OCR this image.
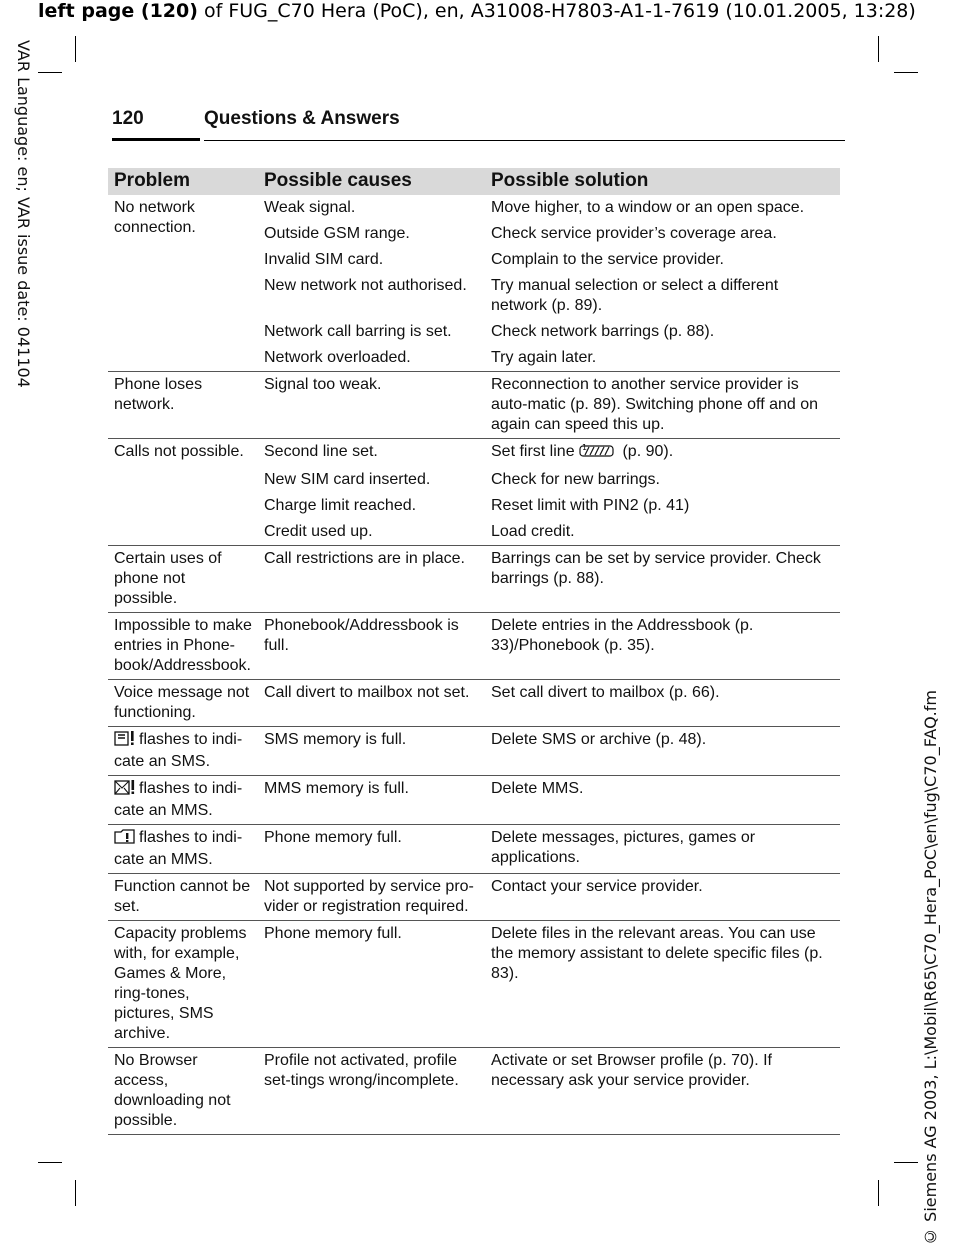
left page (120) of FUG_C70 Hera (PoC), en, A31008-H7803-A1-1-7619 (10.01.2005, 13:28)
VAR Language: en; VAR issue date: 041104
© Siemens AG 2003, L:\Mobil\R65\C70_Hera_PoC\en\fug\C70_FAQ.fm
120	Questions & Answers
Problem	Possible causes	Possible solution
No network connection.	Weak signal.	Move higher, to a window or an open space.
	Outside GSM range.	Check service provider’s coverage area.
	Invalid SIM card.	Complain to the service provider.
	New network not authorised.	Try manual selection or select a different network (p. 89).
	Network call barring is set.	Check network barrings (p. 88).
	Network overloaded.	Try again later.
Phone loses network.	Signal too weak.	Reconnection to another service provider is auto-matic (p. 89). Switching phone off and on again can speed this up.
Calls not possible.	Second line set.	Set first line 1 (p. 90).
	New SIM card inserted.	Check for new barrings.
	Charge limit reached.	Reset limit with PIN2 (p. 41)
	Credit used up.	Load credit.
Certain uses of phone not possible.	Call restrictions are in place.	Barrings can be set by service provider. Check barrings (p. 88).
Impossible to make entries in Phone-book/Addressbook.	Phonebook/Addressbook is full.	Delete entries in the Addressbook (p. 33)/Phonebook (p. 35).
Voice message not functioning.	Call divert to mailbox not set.	Set call divert to mailbox (p. 66).
flashes to indi-cate an SMS.	SMS memory is full.	Delete SMS or archive (p. 48).
flashes to indi-cate an MMS.	MMS memory is full.	Delete MMS.
flashes to indi-cate an MMS.	Phone memory full.	Delete messages, pictures, games or applications.
Function cannot be set.	Not supported by service pro-vider or registration required.	Contact your service provider.
Capacity problems with, for example, Games & More, ring-tones, pictures, SMS archive.	Phone memory full.	Delete files in the relevant areas. You can use the memory assistant to delete specific files (p. 83).
No Browser access, downloading not possible.	Profile not activated, profile set-tings wrong/incomplete.	Activate or set Browser profile (p. 70). If necessary ask your service provider.
